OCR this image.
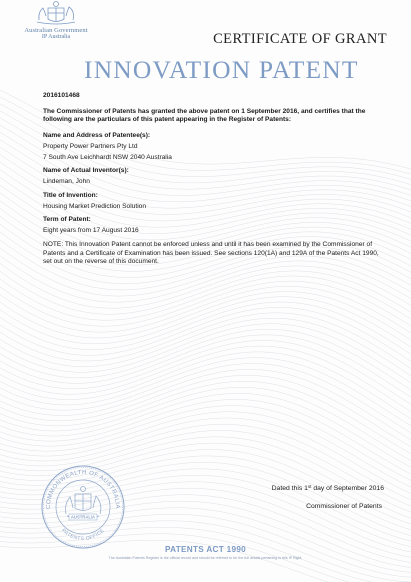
Australian Government
IP Australia	CERTIFICATE OF GRANT
INNOVATION PATENT
2016101468
The Commissioner of Patents has granted the above patent on 1 September 2016, and certifies that the following are the particulars of this patent appearing in the Register of Patents:
Name and Address of Patentee(s):
Property Power Partners Pty Ltd
7 South Ave Leichhardt NSW 2040 Australia
Name of Actual Inventor(s):
Lindeman, John
Title of Invention:
Housing Market Prediction Solution
Term of Patent:
Eight years from 17 August 2016
NOTE: This Innovation Patent cannot be enforced unless and until it has been examined by the Commissioner of Patents and a Certificate of Examination has been issued. See sections 120(1A) and 129A of the Patents Act 1990, set out on the reverse of this document.
COMMONWEALTH OF AUSTRALIA
PATENTS OFFICE
AUSTRALIA
Dated this 1st day of September 2016
Commissioner of Patents
PATENTS ACT 1990
The Australian Patents Register is the official record and should be referred to for the full details pertaining to this IP Right.
